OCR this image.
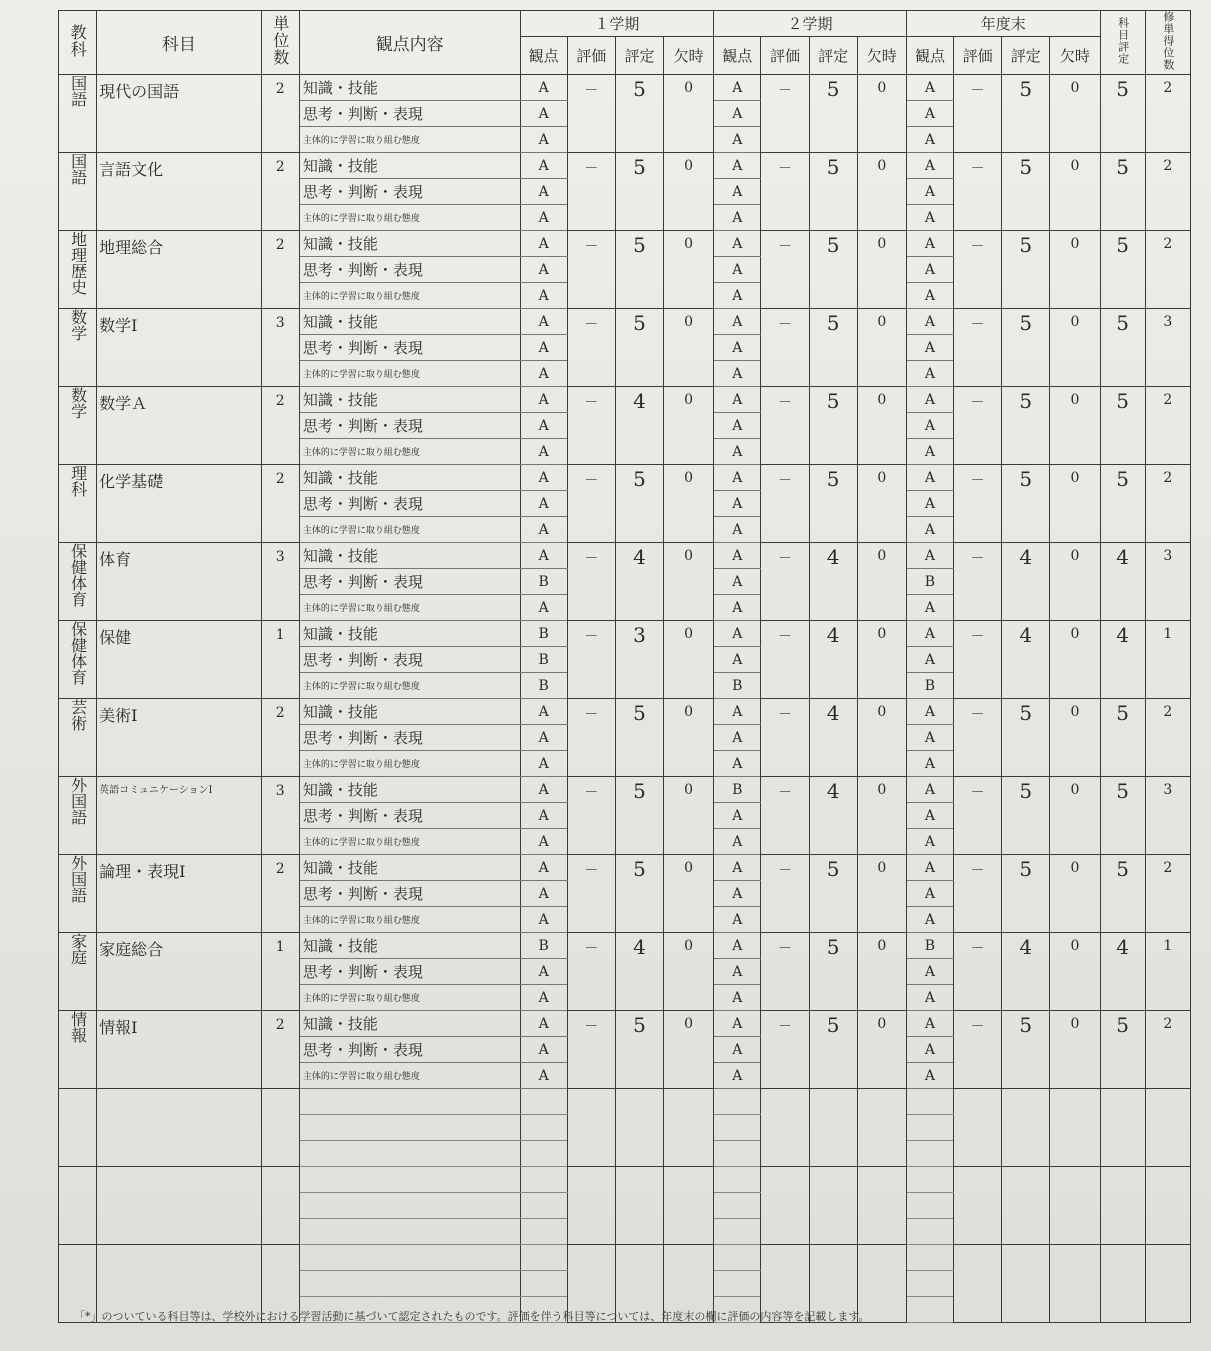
教科	科目	単位数	観点内容	１学期				２学期				年度末				科目評定	修単得位数
				観点	評価	評定	欠時	観点	評価	評定	欠時	観点	評価	評定	欠時		
国語	現代の国語	2	知識・技能	A	－	5	0	A	－	5	0	A	－	5	0	5	2
			思考・判断・表現	A				A				A					
			主体的に学習に取り組む態度	A				A				A					
国語	言語文化	2	知識・技能	A	－	5	0	A	－	5	0	A	－	5	0	5	2
			思考・判断・表現	A				A				A					
			主体的に学習に取り組む態度	A				A				A					
地理歴史	地理総合	2	知識・技能	A	－	5	0	A	－	5	0	A	－	5	0	5	2
			思考・判断・表現	A				A				A					
			主体的に学習に取り組む態度	A				A				A					
数学	数学Ⅰ	3	知識・技能	A	－	5	0	A	－	5	0	A	－	5	0	5	3
			思考・判断・表現	A				A				A					
			主体的に学習に取り組む態度	A				A				A					
数学	数学Ａ	2	知識・技能	A	－	4	0	A	－	5	0	A	－	5	0	5	2
			思考・判断・表現	A				A				A					
			主体的に学習に取り組む態度	A				A				A					
理科	化学基礎	2	知識・技能	A	－	5	0	A	－	5	0	A	－	5	0	5	2
			思考・判断・表現	A				A				A					
			主体的に学習に取り組む態度	A				A				A					
保健体育	体育	3	知識・技能	A	－	4	0	A	－	4	0	A	－	4	0	4	3
			思考・判断・表現	B				A				B					
			主体的に学習に取り組む態度	A				A				A					
保健体育	保健	1	知識・技能	B	－	3	0	A	－	4	0	A	－	4	0	4	1
			思考・判断・表現	B				A				A					
			主体的に学習に取り組む態度	B				B				B					
芸術	美術Ⅰ	2	知識・技能	A	－	5	0	A	－	4	0	A	－	5	0	5	2
			思考・判断・表現	A				A				A					
			主体的に学習に取り組む態度	A				A				A					
外国語	英語コミュニケーションⅠ	3	知識・技能	A	－	5	0	B	－	4	0	A	－	5	0	5	3
			思考・判断・表現	A				A				A					
			主体的に学習に取り組む態度	A				A				A					
外国語	論理・表現Ⅰ	2	知識・技能	A	－	5	0	A	－	5	0	A	－	5	0	5	2
			思考・判断・表現	A				A				A					
			主体的に学習に取り組む態度	A				A				A					
家庭	家庭総合	1	知識・技能	B	－	4	0	A	－	5	0	B	－	4	0	4	1
			思考・判断・表現	A				A				A					
			主体的に学習に取り組む態度	A				A				A					
情報	情報Ⅰ	2	知識・技能	A	－	5	0	A	－	5	0	A	－	5	0	5	2
			思考・判断・表現	A				A				A					
			主体的に学習に取り組む態度	A				A				A					

「*」のついている科目等は、学校外における学習活動に基づいて認定されたものです。評価を伴う科目等については、年度末の欄に評価の内容等を記載します。
